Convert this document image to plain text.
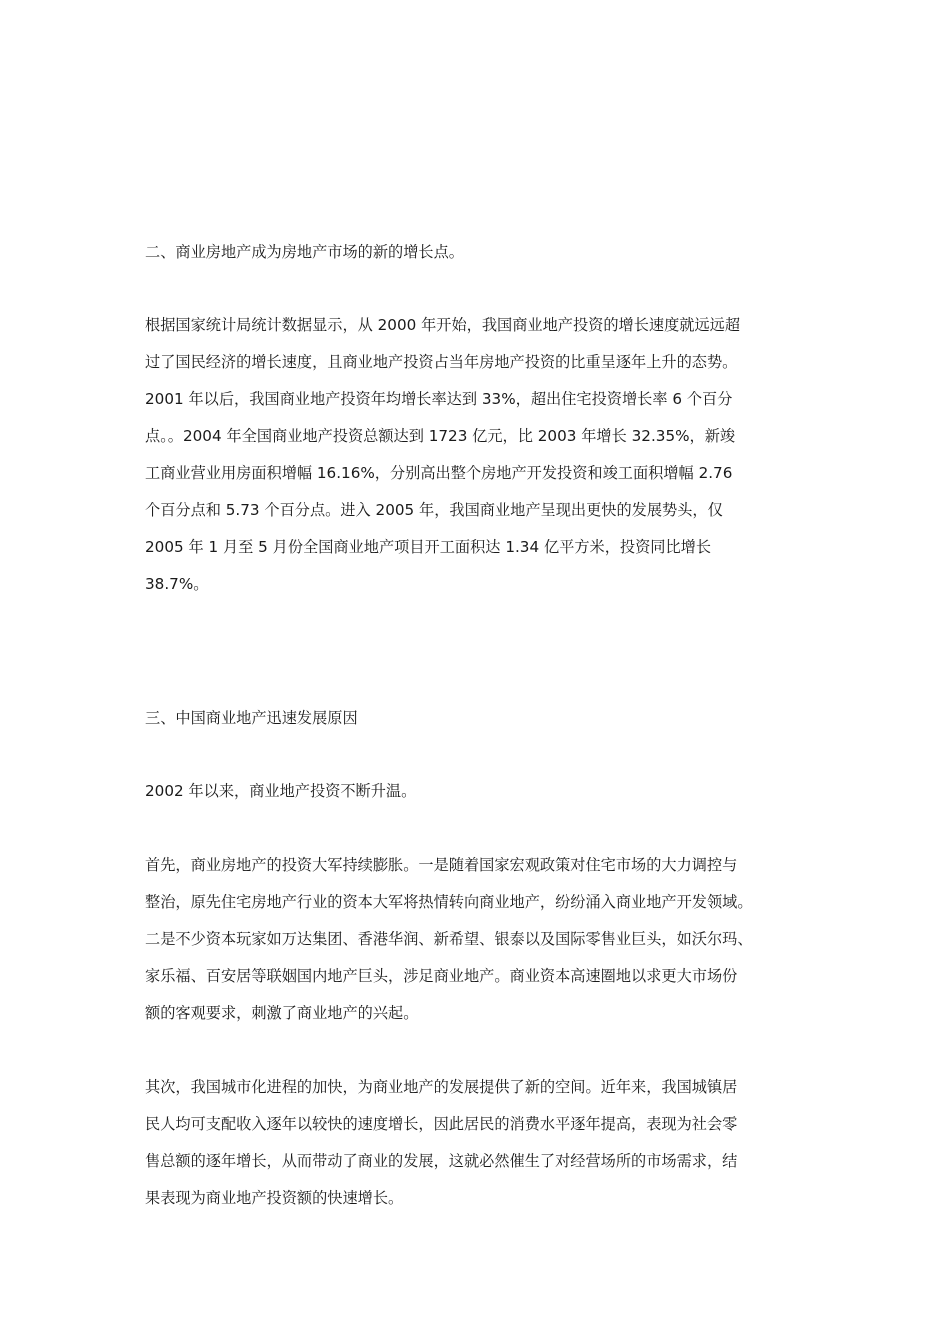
二、商业房地产成为房地产市场的新的增长点。
根据国家统计局统计数据显示，从 2000 年开始，我国商业地产投资的增长速度就远远超
过了国民经济的增长速度，且商业地产投资占当年房地产投资的比重呈逐年上升的态势。
2001 年以后，我国商业地产投资年均增长率达到 33%，超出住宅投资增长率 6 个百分
点。。2004 年全国商业地产投资总额达到 1723 亿元，比 2003 年增长 32.35%，新竣
工商业营业用房面积增幅 16.16%，分别高出整个房地产开发投资和竣工面积增幅 2.76
个百分点和 5.73 个百分点。进入 2005 年，我国商业地产呈现出更快的发展势头，仅
2005 年 1 月至 5 月份全国商业地产项目开工面积达 1.34 亿平方米，投资同比增长
38.7%。
三、中国商业地产迅速发展原因
2002 年以来，商业地产投资不断升温。
首先，商业房地产的投资大军持续膨胀。一是随着国家宏观政策对住宅市场的大力调控与
整治，原先住宅房地产行业的资本大军将热情转向商业地产，纷纷涌入商业地产开发领域。
二是不少资本玩家如万达集团、香港华润、新希望、银泰以及国际零售业巨头，如沃尔玛、
家乐福、百安居等联姻国内地产巨头，涉足商业地产。商业资本高速圈地以求更大市场份
额的客观要求，刺激了商业地产的兴起。
其次，我国城市化进程的加快，为商业地产的发展提供了新的空间。近年来，我国城镇居
民人均可支配收入逐年以较快的速度增长，因此居民的消费水平逐年提高，表现为社会零
售总额的逐年增长，从而带动了商业的发展，这就必然催生了对经营场所的市场需求，结
果表现为商业地产投资额的快速增长。
